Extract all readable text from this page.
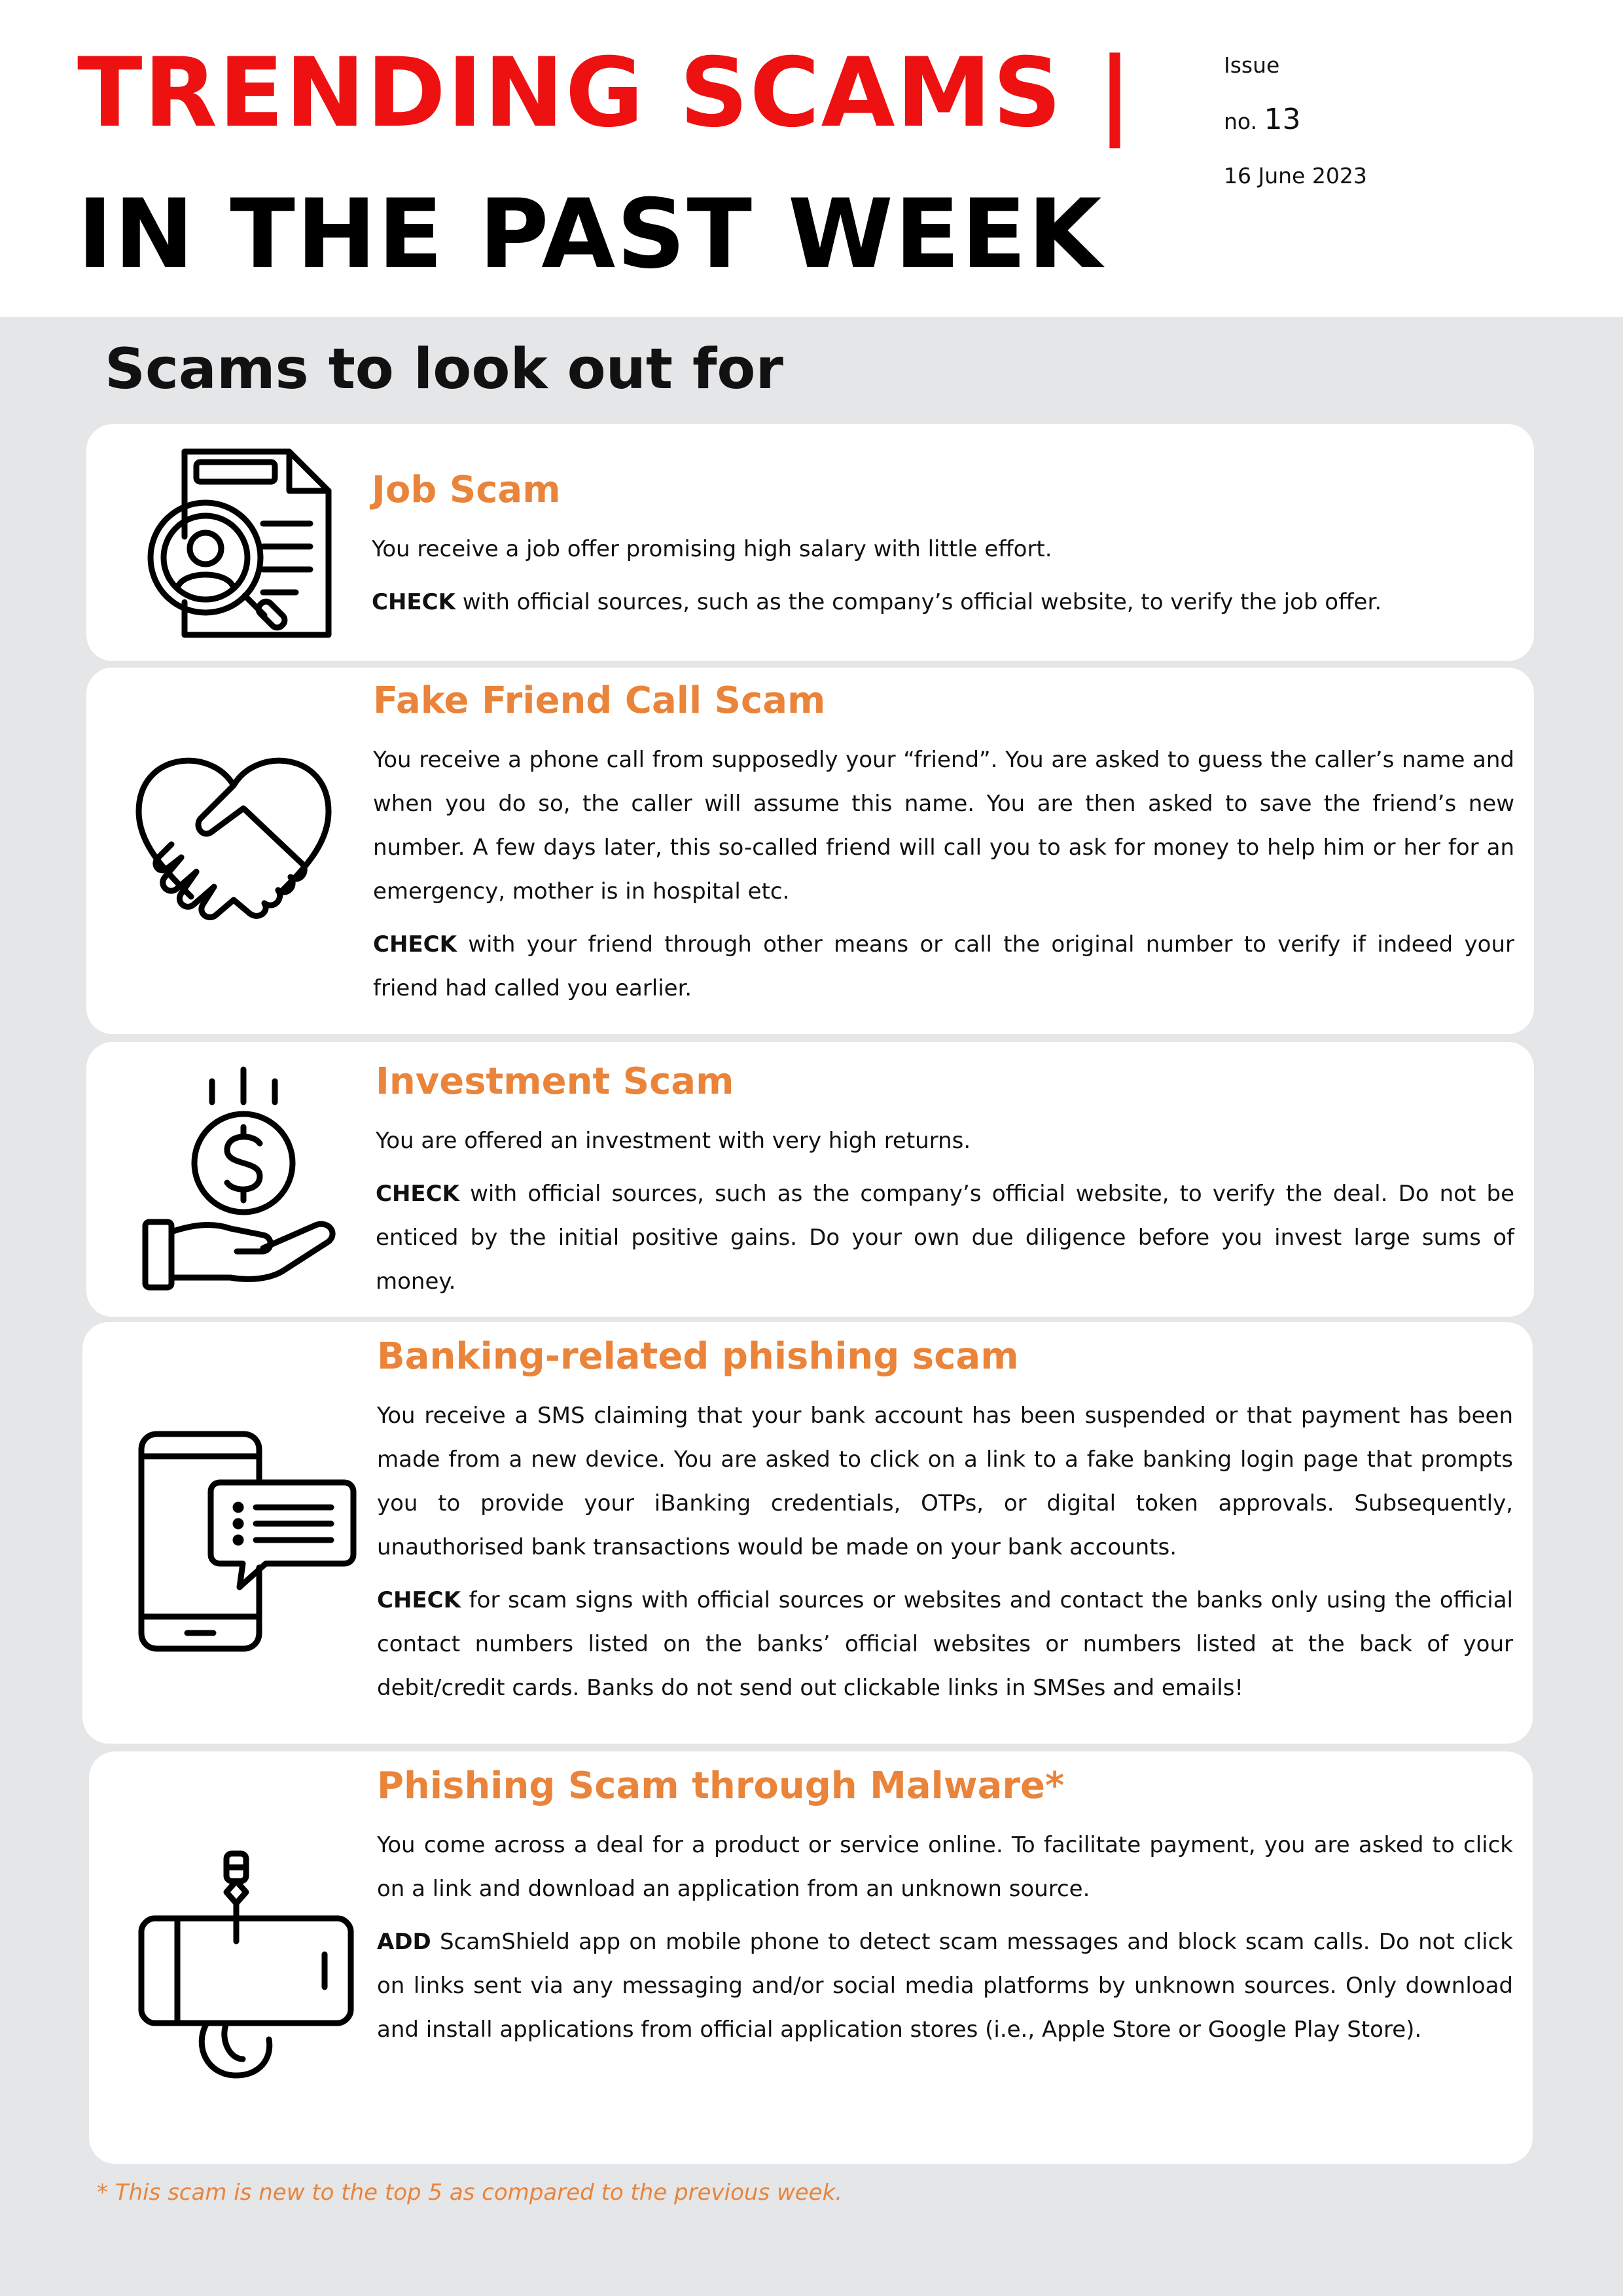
TRENDING SCAMS |
IN THE PAST WEEK
Issue
no. 13
16 June 2023
Scams to look out for
Job Scam

You receive a job offer promising high salary with little effort.

CHECK with official sources, such as the company’s official website, to verify the job offer.

Fake Friend Call Scam

You receive a phone call from supposedly your “friend”. You are asked to guess the caller’s name and when you do so, the caller will assume this name. You are then asked to save the friend’s new number. A few days later, this so-called friend will call you to ask for money to help him or her for an emergency, mother is in hospital etc.

CHECK with your friend through other means or call the original number to verify if indeed your friend had called you earlier.

Investment Scam

You are offered an investment with very high returns.

CHECK with official sources, such as the company’s official website, to verify the deal. Do not be enticed by the initial positive gains. Do your own due diligence before you invest large sums of money.

Banking-related phishing scam

You receive a SMS claiming that your bank account has been suspended or that payment has been made from a new device. You are asked to click on a link to a fake banking login page that prompts you to provide your iBanking credentials, OTPs, or digital token approvals. Subsequently, unauthorised bank transactions would be made on your bank accounts.

CHECK for scam signs with official sources or websites and contact the banks only using the official contact numbers listed on the banks’ official websites or numbers listed at the back of your debit/credit cards. Banks do not send out clickable links in SMSes and emails!

Phishing Scam through Malware*

You come across a deal for a product or service online. To facilitate payment, you are asked to click on a link and download an application from an unknown source.

ADD ScamShield app on mobile phone to detect scam messages and block scam calls. Do not click on links sent via any messaging and/or social media platforms by unknown sources. Only download and install applications from official application stores (i.e., Apple Store or Google Play Store).

* This scam is new to the top 5 as compared to the previous week.
